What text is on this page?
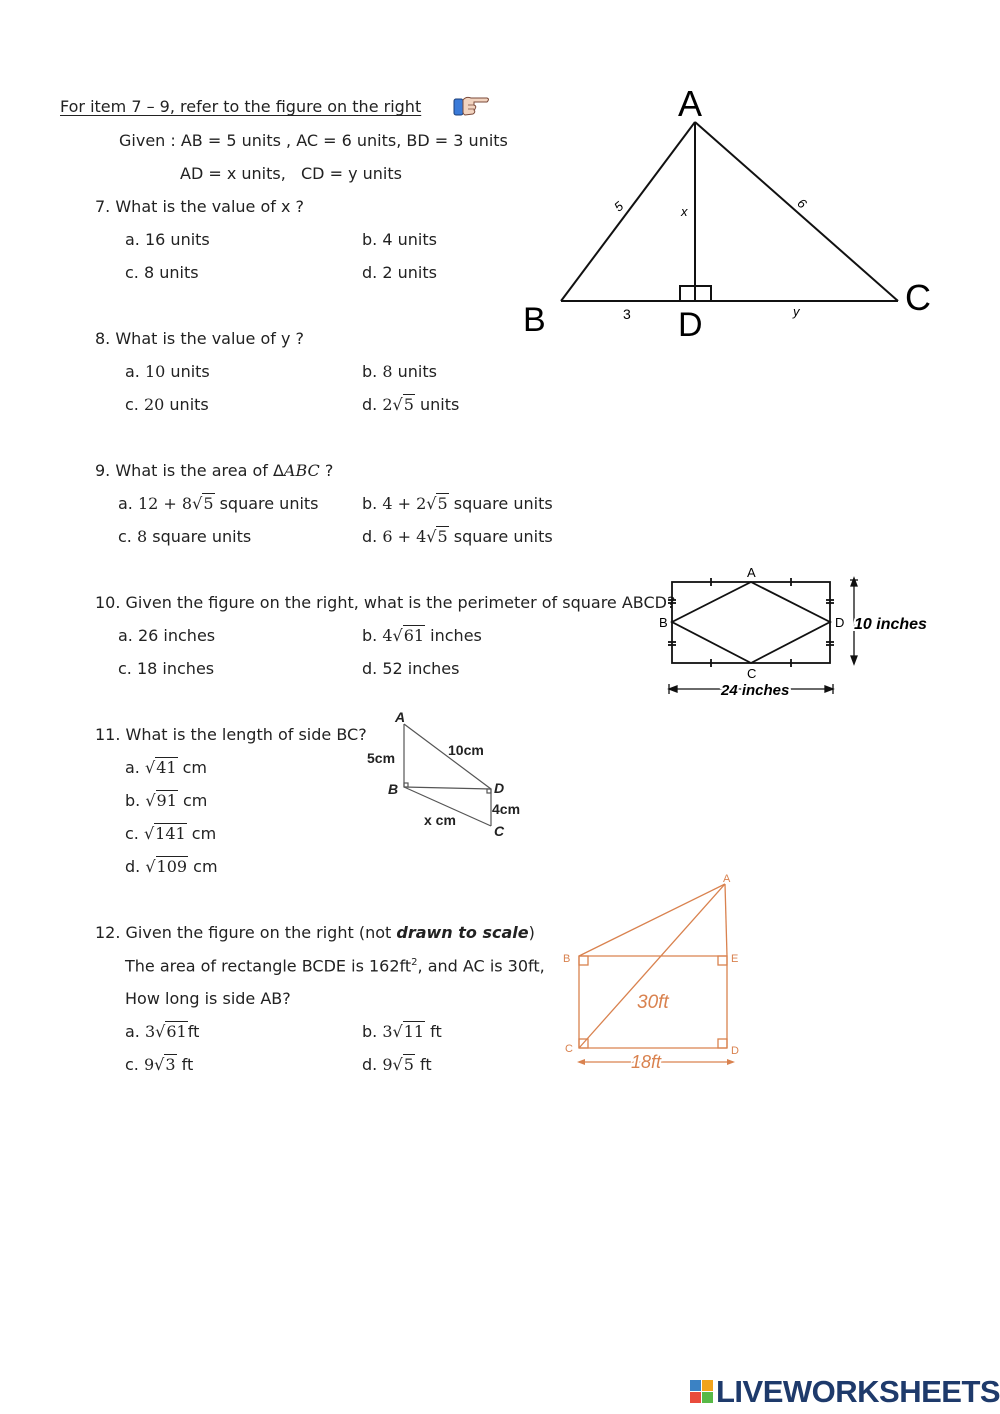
For item 7 – 9, refer to the figure on the right
Given : AB = 5 units , AC = 6 units, BD = 3 units
AD = x units, CD = y units
7. What is the value of x ?
a. 16 units	b. 4 units
c. 8 units	d. 2 units
8. What is the value of y ?
a. 10 units	b. 8 units
c. 20 units	d. 2√5 units
9. What is the area of ΔABC ?
a. 12 + 8√5 square units	b. 4 + 2√5 square units
c. 8 square units	d. 6 + 4√5 square units
10. Given the figure on the right, what is the perimeter of square ABCD?
a. 26 inches	b. 4√61 inches
c. 18 inches	d. 52 inches
11. What is the length of side BC?
a. √41 cm
b. √91 cm
c. √141 cm
d. √109 cm
12. Given the figure on the right (not drawn to scale)
The area of rectangle BCDE is $162ft^2$, and AC is 30ft,
How long is side AB?
a. 3√61ft	b. 3√11 ft
c. 9√3 ft	d. 9√5 ft
A
B
C
D
5	6
x
3	y
A
B
C
D 10 inches
24 inches
A
B	D
C
5cm	10cm
4cm
x cm
A
B	E
C	D
30ft
18ft
LIVEWORKSHEETS
